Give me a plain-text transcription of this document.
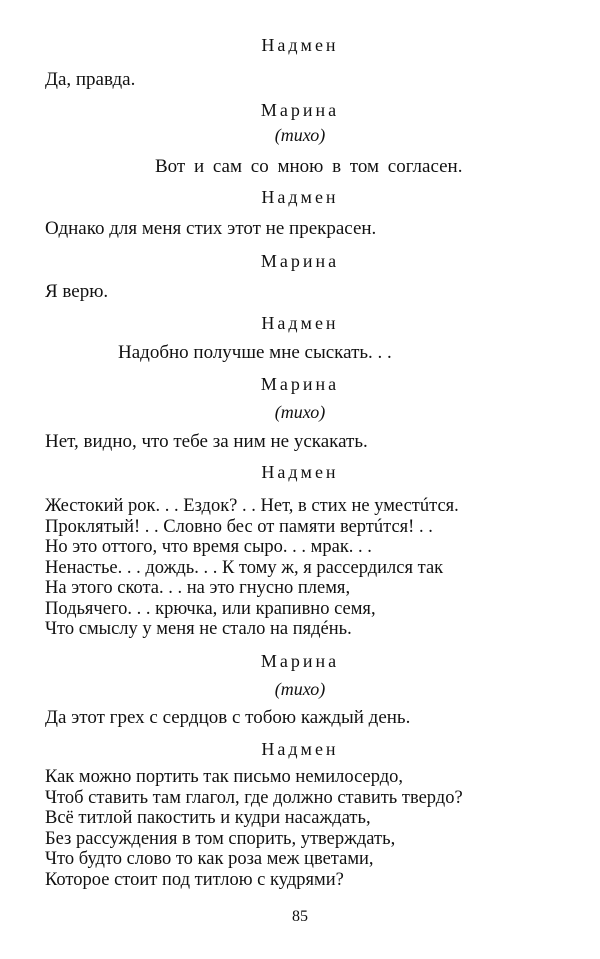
Надмен
Да, правда.
Марина
(тихо)
Вот и сам со мною в том согласен.
Надмен
Однако для меня стих этот не прекрасен.
Марина
Я верю.
Надмен
Надобно получше мне сыскать. . .
Марина
(тихо)
Нет, видно, что тебе за ним не ускакать.
Надмен
Жестокий рок. . . Ездок? . . Нет, в стих не уместúтся.
Проклятый! . . Словно бес от памяти вертúтся! . .
Но это оттого, что время сыро. . . мрак. . .
Ненастье. . . дождь. . . К тому ж, я рассердился так
На этого скота. . . на это гнусно племя,
Подьячего. . . крючка, или крапивно семя,
Что смыслу у меня не стало на пядéнь.
Марина
(тихо)
Да этот грех с сердцов с тобою каждый день.
Надмен
Как можно портить так письмо немилосердо,
Чтоб ставить там глагол, где должно ставить твердо?
Всё титлой пакостить и кудри насаждать,
Без рассуждения в том спорить, утверждать,
Что будто слово то как роза меж цветами,
Которое стоит под титлою с кудрями?
85
